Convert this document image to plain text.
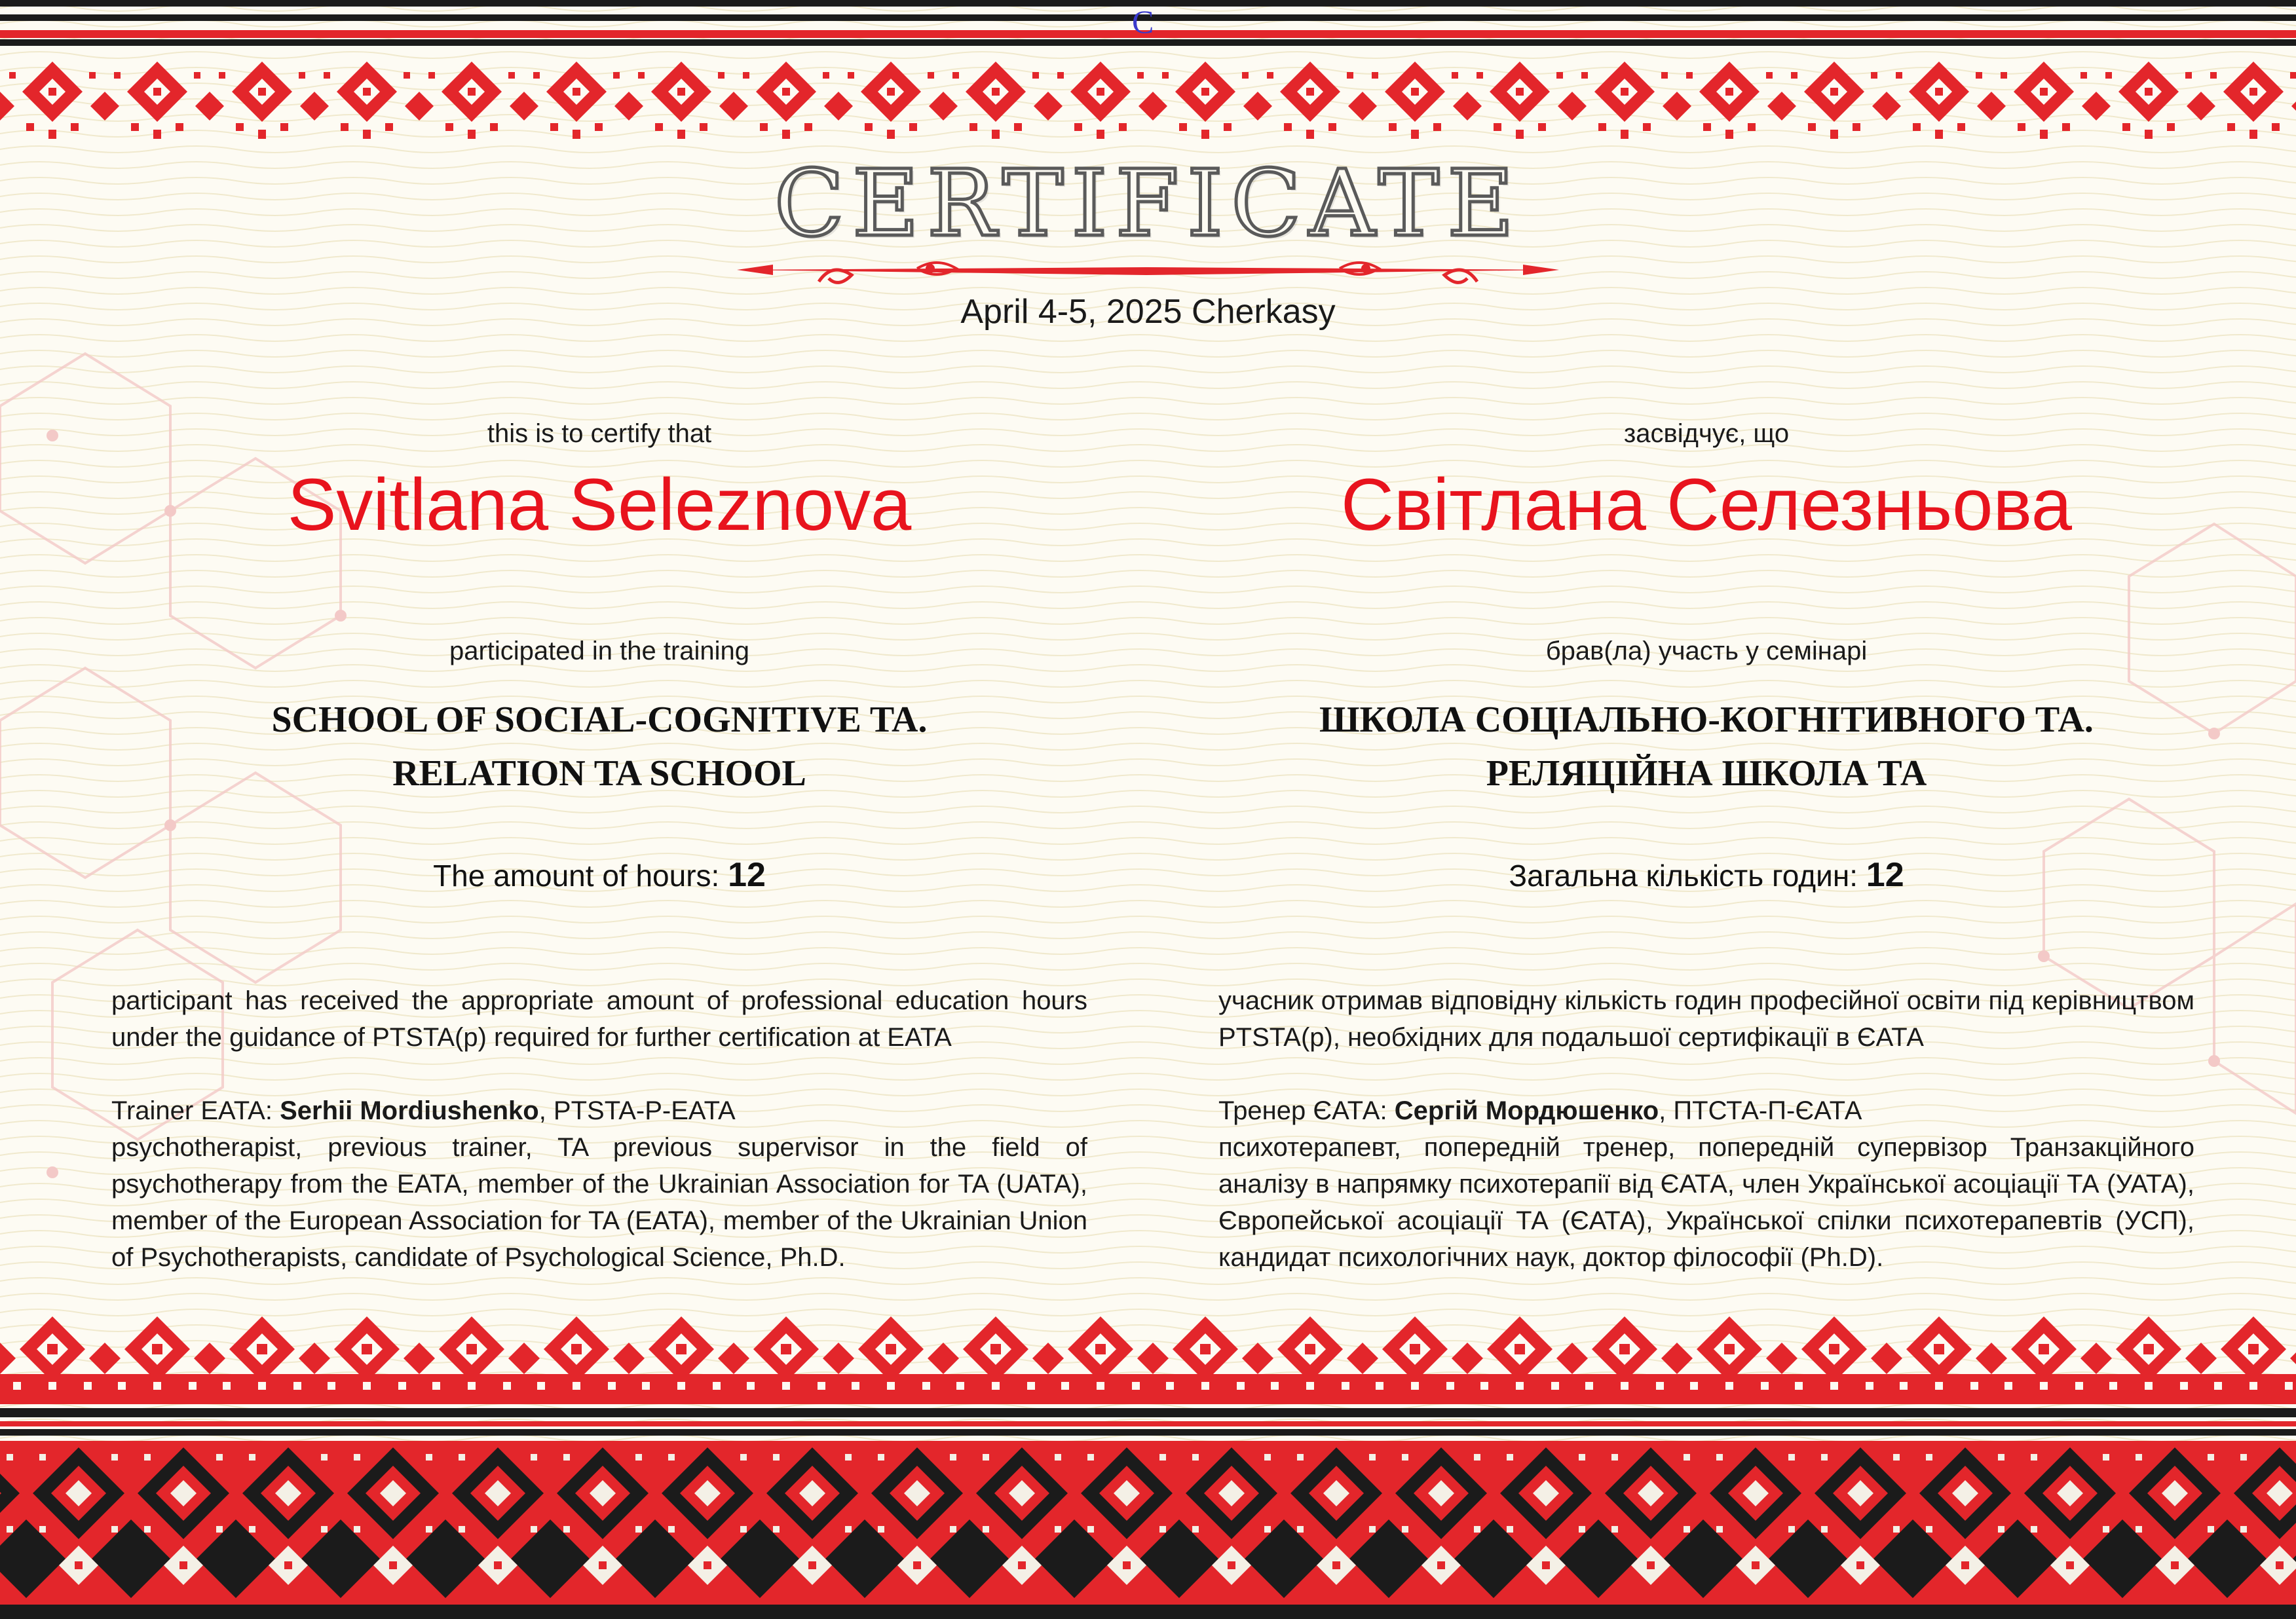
C
CERTIFICATE
April 4-5, 2025 Cherkasy
this is to certify that
Svitlana Seleznova
participated in the training
SCHOOL OF SOCIAL-COGNITIVE TA.
RELATION TA SCHOOL
The amount of hours: 12

participant has received the appropriate amount of professional education hours under the guidance of PTSTA(p) required for further certification at EATA

Trainer EATA: Serhii Mordiushenko, PTSTA-P-EATA

psychotherapist, previous trainer, TA previous supervisor in the field of psychotherapy from the EATA, member of the Ukrainian Association for TA (UATA), member of the European Association for TA (EATA), member of the Ukrainian Union of Psychotherapists, candidate of Psychological Science, Ph.D.

засвідчує, що
Світлана Селезньова
брав(ла) участь у семінарі
ШКОЛА СОЦІАЛЬНО-КОГНІТИВНОГО ТА.
РЕЛЯЦІЙНА ШКОЛА ТА
Загальна кількість годин: 12

учасник отримав відповідну кількість годин професійної освіти під керівництвом PTSTA(p), необхідних для подальшої сертифікації в ЄАТА

Тренер ЄАТА: Сергій Мордюшенко, ПТСТА-П-ЄАТА

психотерапевт, попередній тренер, попередній супервізор Транзакційного аналізу в напрямку психотерапії від ЄАТА, член Української асоціації ТА (УАТА), Європейської асоціації ТА (ЄАТА), Української спілки психотерапевтів (УСП), кандидат психологічних наук, доктор філософії (Ph.D).
